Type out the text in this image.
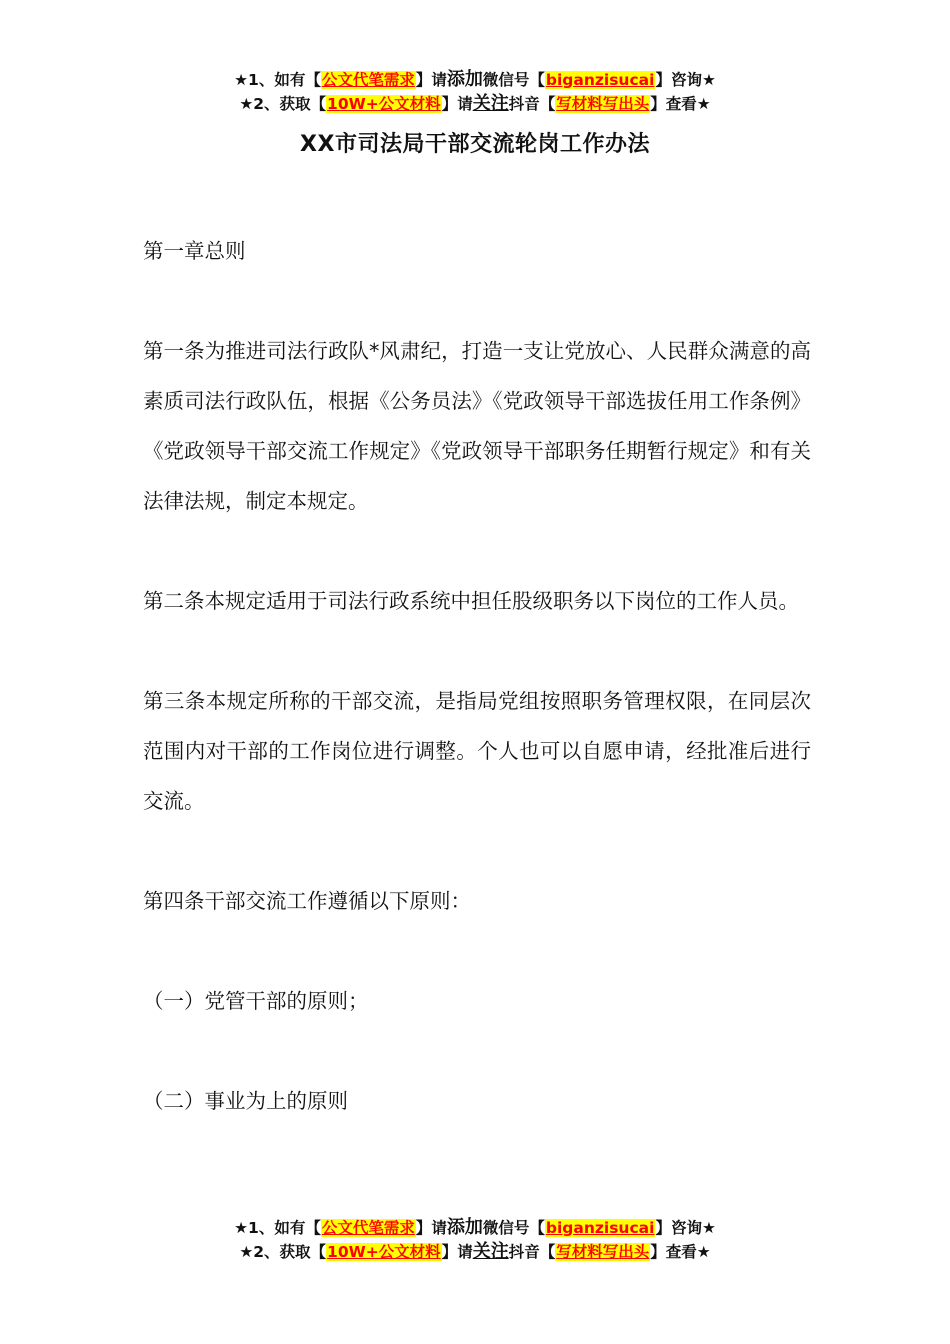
★1、如有【公文代笔需求】请添加微信号【biganzisucai】咨询★
★2、获取【10W+公文材料】请关注抖音【写材料写出头】查看★
XX市司法局干部交流轮岗工作办法

第一章总则

第一条为推进司法行政队*风肃纪，打造一支让党放心、人民群众满意的高素质司法行政队伍，根据《公务员法》《党政领导干部选拔任用工作条例》《党政领导干部交流工作规定》《党政领导干部职务任期暂行规定》和有关法律法规，制定本规定。

第二条本规定适用于司法行政系统中担任股级职务以下岗位的工作人员。

第三条本规定所称的干部交流，是指局党组按照职务管理权限，在同层次范围内对干部的工作岗位进行调整。个人也可以自愿申请，经批准后进行交流。

第四条干部交流工作遵循以下原则：

（一）党管干部的原则；

（二）事业为上的原则

★1、如有【公文代笔需求】请添加微信号【biganzisucai】咨询★
★2、获取【10W+公文材料】请关注抖音【写材料写出头】查看★
